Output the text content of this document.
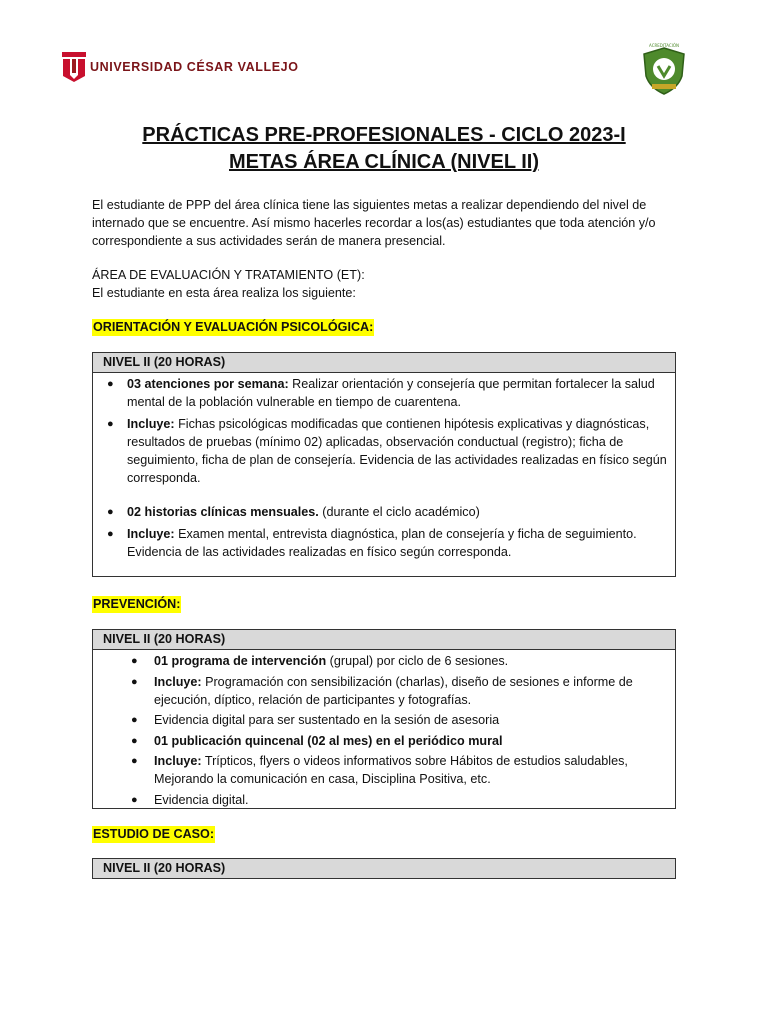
UNIVERSIDAD CÉSAR VALLEJO
ACREDITACIÓN
PRÁCTICAS PRE-PROFESIONALES - CICLO 2023-I
METAS ÁREA CLÍNICA (NIVEL II)

El estudiante de PPP del área clínica tiene las siguientes metas a realizar dependiendo del nivel de internado que se encuentre. Así mismo hacerles recordar a los(as) estudiantes que toda atención y/o correspondiente a sus actividades serán de manera presencial.

ÁREA DE EVALUACIÓN Y TRATAMIENTO (ET):
El estudiante en esta área realiza los siguiente:
ORIENTACIÓN Y EVALUACIÓN PSICOLÓGICA:
NIVEL II (20 HORAS)
● 03 atenciones por semana: Realizar orientación y consejería que permitan fortalecer la salud mental de la población vulnerable en tiempo de cuarentena.
● Incluye: Fichas psicológicas modificadas que contienen hipótesis explicativas y diagnósticas, resultados de pruebas (mínimo 02) aplicadas, observación conductual (registro); ficha de seguimiento, ficha de plan de consejería. Evidencia de las actividades realizadas en físico según corresponda.
● 02 historias clínicas mensuales. (durante el ciclo académico)
● Incluye: Examen mental, entrevista diagnóstica, plan de consejería y ficha de seguimiento. Evidencia de las actividades realizadas en físico según corresponda.
PREVENCIÓN:
NIVEL II (20 HORAS)
● 01 programa de intervención (grupal) por ciclo de 6 sesiones.
● Incluye: Programación con sensibilización (charlas), diseño de sesiones e informe de ejecución, díptico, relación de participantes y fotografías.
● Evidencia digital para ser sustentado en la sesión de asesoria
● 01 publicación quincenal (02 al mes) en el periódico mural
● Incluye: Trípticos, flyers o videos informativos sobre Hábitos de estudios saludables, Mejorando la comunicación en casa, Disciplina Positiva, etc.
● Evidencia digital.
ESTUDIO DE CASO:
NIVEL II (20 HORAS)
